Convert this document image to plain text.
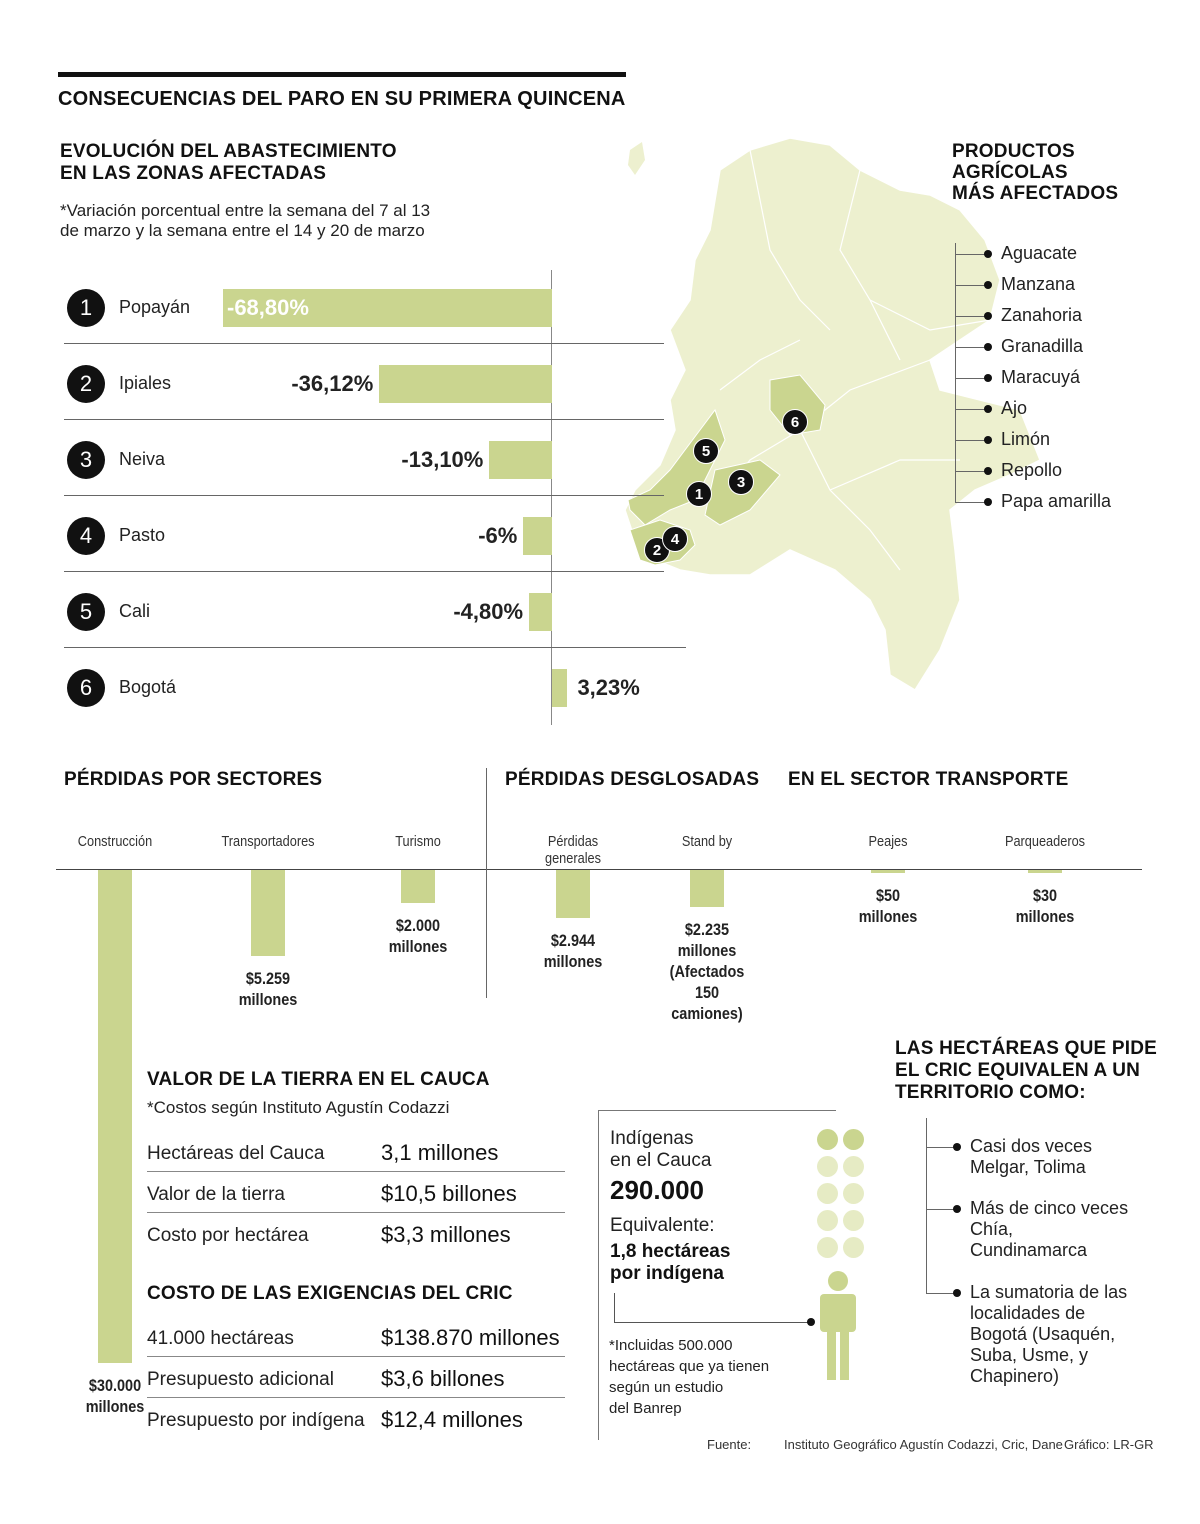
CONSECUENCIAS DEL PARO EN SU PRIMERA QUINCENA
EVOLUCIÓN DEL ABASTECIMIENTO
EN LAS ZONAS AFECTADAS
*Variación porcentual entre la semana del 7 al 13
de marzo y la semana entre el 14 y 20 de marzo
1
2
3
4
5
6
1	Popayán -68,80%
2	Ipiales	-36,12%
3	Neiva	-13,10%
4	Pasto	-6%
5	Cali	-4,80%
6	Bogotá	3,23%
PRODUCTOS
AGRÍCOLAS
MÁS AFECTADOS
Aguacate
Manzana
Zanahoria
Granadilla
Maracuyá
Ajo
Limón
Repollo
Papa amarilla
PÉRDIDAS POR SECTORES	PÉRDIDAS DESGLOSADAS EN EL SECTOR TRANSPORTE
Construcción
$30.000
millones
Transportadores
$5.259
millones
Turismo
$2.000
millones
Pérdidas generales
$2.944
millones
Stand by
$2.235
millones
(Afectados
150
camiones)
Peajes
$50
millones
Parqueaderos
$30
millones
VALOR DE LA TIERRA EN EL CAUCA
*Costos según Instituto Agustín Codazzi
Hectáreas del Cauca	3,1 millones
Valor de la tierra	$10,5 billones
Costo por hectárea	$3,3 millones
COSTO DE LAS EXIGENCIAS DEL CRIC
41.000 hectáreas	$138.870 millones
Presupuesto adicional $3,6 billones
Presupuesto por indígena $12,4 millones
Indígenas
en el Cauca
290.000
Equivalente:
1,8 hectáreas
por indígena
*Incluidas 500.000
hectáreas que ya tienen
según un estudio
del Banrep
LAS HECTÁREAS QUE PIDE
EL CRIC EQUIVALEN A UN
TERRITORIO COMO:
Casi dos veces
Melgar, Tolima
Más de cinco veces
Chía,
Cundinamarca
La sumatoria de las
localidades de
Bogotá (Usaquén,
Suba, Usme, y
Chapinero)
Fuente:	Instituto Geográfico Agustín Codazzi, Cric, Dane Gráfico: LR-GR
